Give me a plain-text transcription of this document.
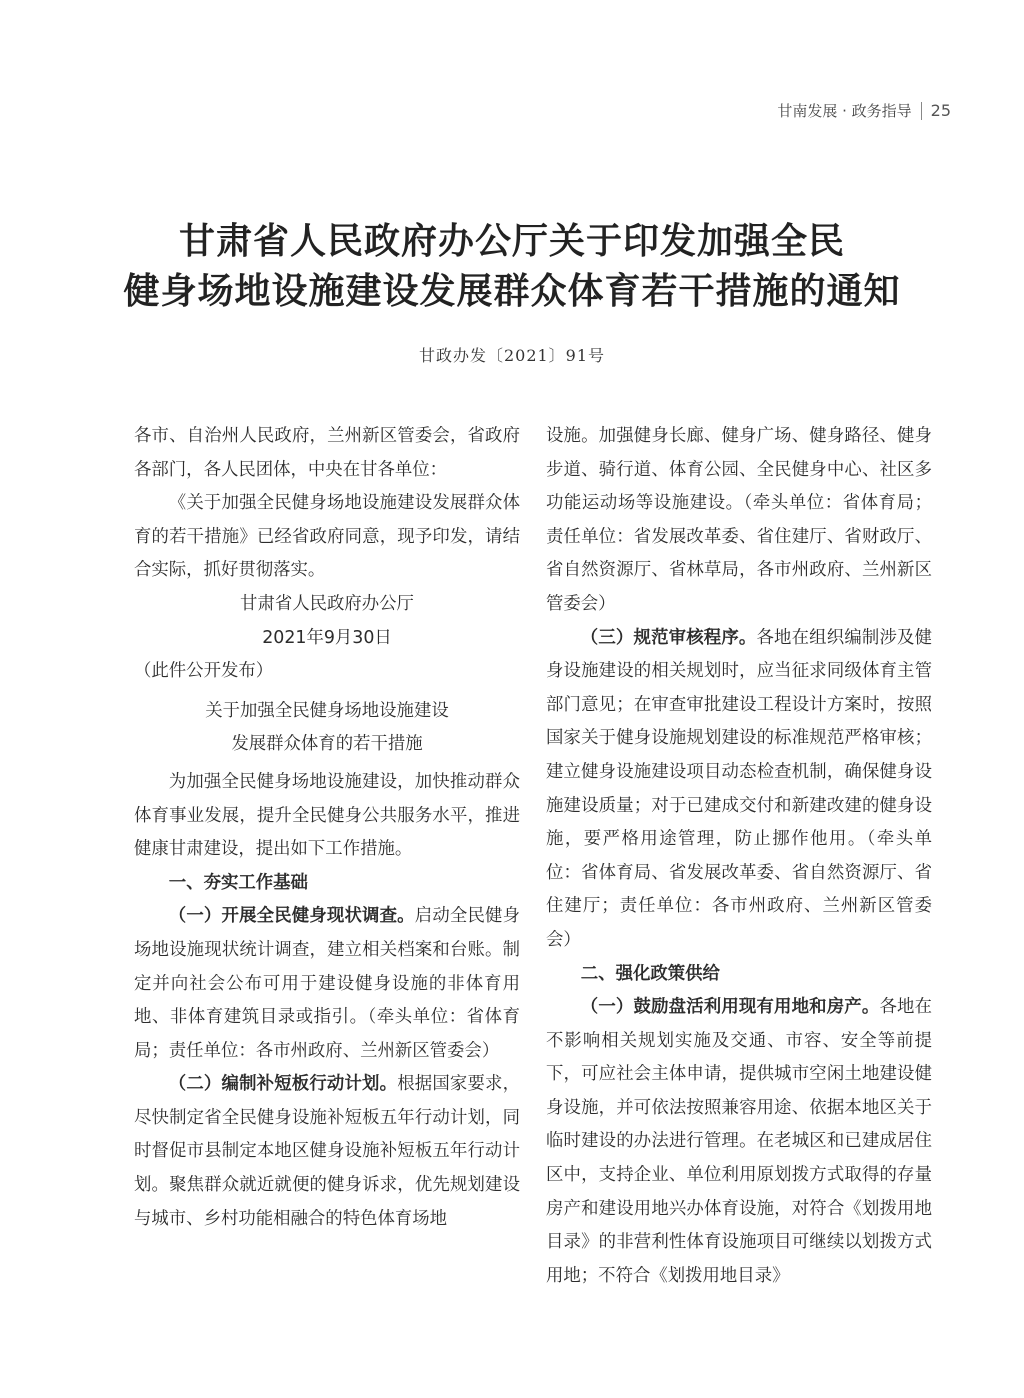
甘南发展 · 政务指导 25
甘肃省人民政府办公厅关于印发加强全民
健身场地设施建设发展群众体育若干措施的通知
甘政办发〔2021〕91号

各市、自治州人民政府，兰州新区管委会，省政府各部门，各人民团体，中央在甘各单位：

《关于加强全民健身场地设施建设发展群众体育的若干措施》已经省政府同意，现予印发，请结合实际，抓好贯彻落实。

甘肃省人民政府办公厅

2021年9月30日

（此件公开发布）

关于加强全民健身场地设施建设

发展群众体育的若干措施

为加强全民健身场地设施建设，加快推动群众体育事业发展，提升全民健身公共服务水平，推进健康甘肃建设，提出如下工作措施。

一、夯实工作基础

（一）开展全民健身现状调查。启动全民健身场地设施现状统计调查，建立相关档案和台账。制定并向社会公布可用于建设健身设施的非体育用地、非体育建筑目录或指引。（牵头单位：省体育局；责任单位：各市州政府、兰州新区管委会）

（二）编制补短板行动计划。根据国家要求，尽快制定省全民健身设施补短板五年行动计划，同时督促市县制定本地区健身设施补短板五年行动计划。聚焦群众就近就便的健身诉求，优先规划建设与城市、乡村功能相融合的特色体育场地

设施。加强健身长廊、健身广场、健身路径、健身步道、骑行道、体育公园、全民健身中心、社区多功能运动场等设施建设。（牵头单位：省体育局；责任单位：省发展改革委、省住建厅、省财政厅、省自然资源厅、省林草局，各市州政府、兰州新区管委会）

（三）规范审核程序。各地在组织编制涉及健身设施建设的相关规划时，应当征求同级体育主管部门意见；在审查审批建设工程设计方案时，按照国家关于健身设施规划建设的标准规范严格审核；建立健身设施建设项目动态检查机制，确保健身设施建设质量；对于已建成交付和新建改建的健身设施，要严格用途管理，防止挪作他用。（牵头单位：省体育局、省发展改革委、省自然资源厅、省住建厅；责任单位：各市州政府、兰州新区管委会）

二、强化政策供给

（一）鼓励盘活利用现有用地和房产。各地在不影响相关规划实施及交通、市容、安全等前提下，可应社会主体申请，提供城市空闲土地建设健身设施，并可依法按照兼容用途、依据本地区关于临时建设的办法进行管理。在老城区和已建成居住区中，支持企业、单位利用原划拨方式取得的存量房产和建设用地兴办体育设施，对符合《划拨用地目录》的非营利性体育设施项目可继续以划拨方式用地；不符合《划拨用地目录》
